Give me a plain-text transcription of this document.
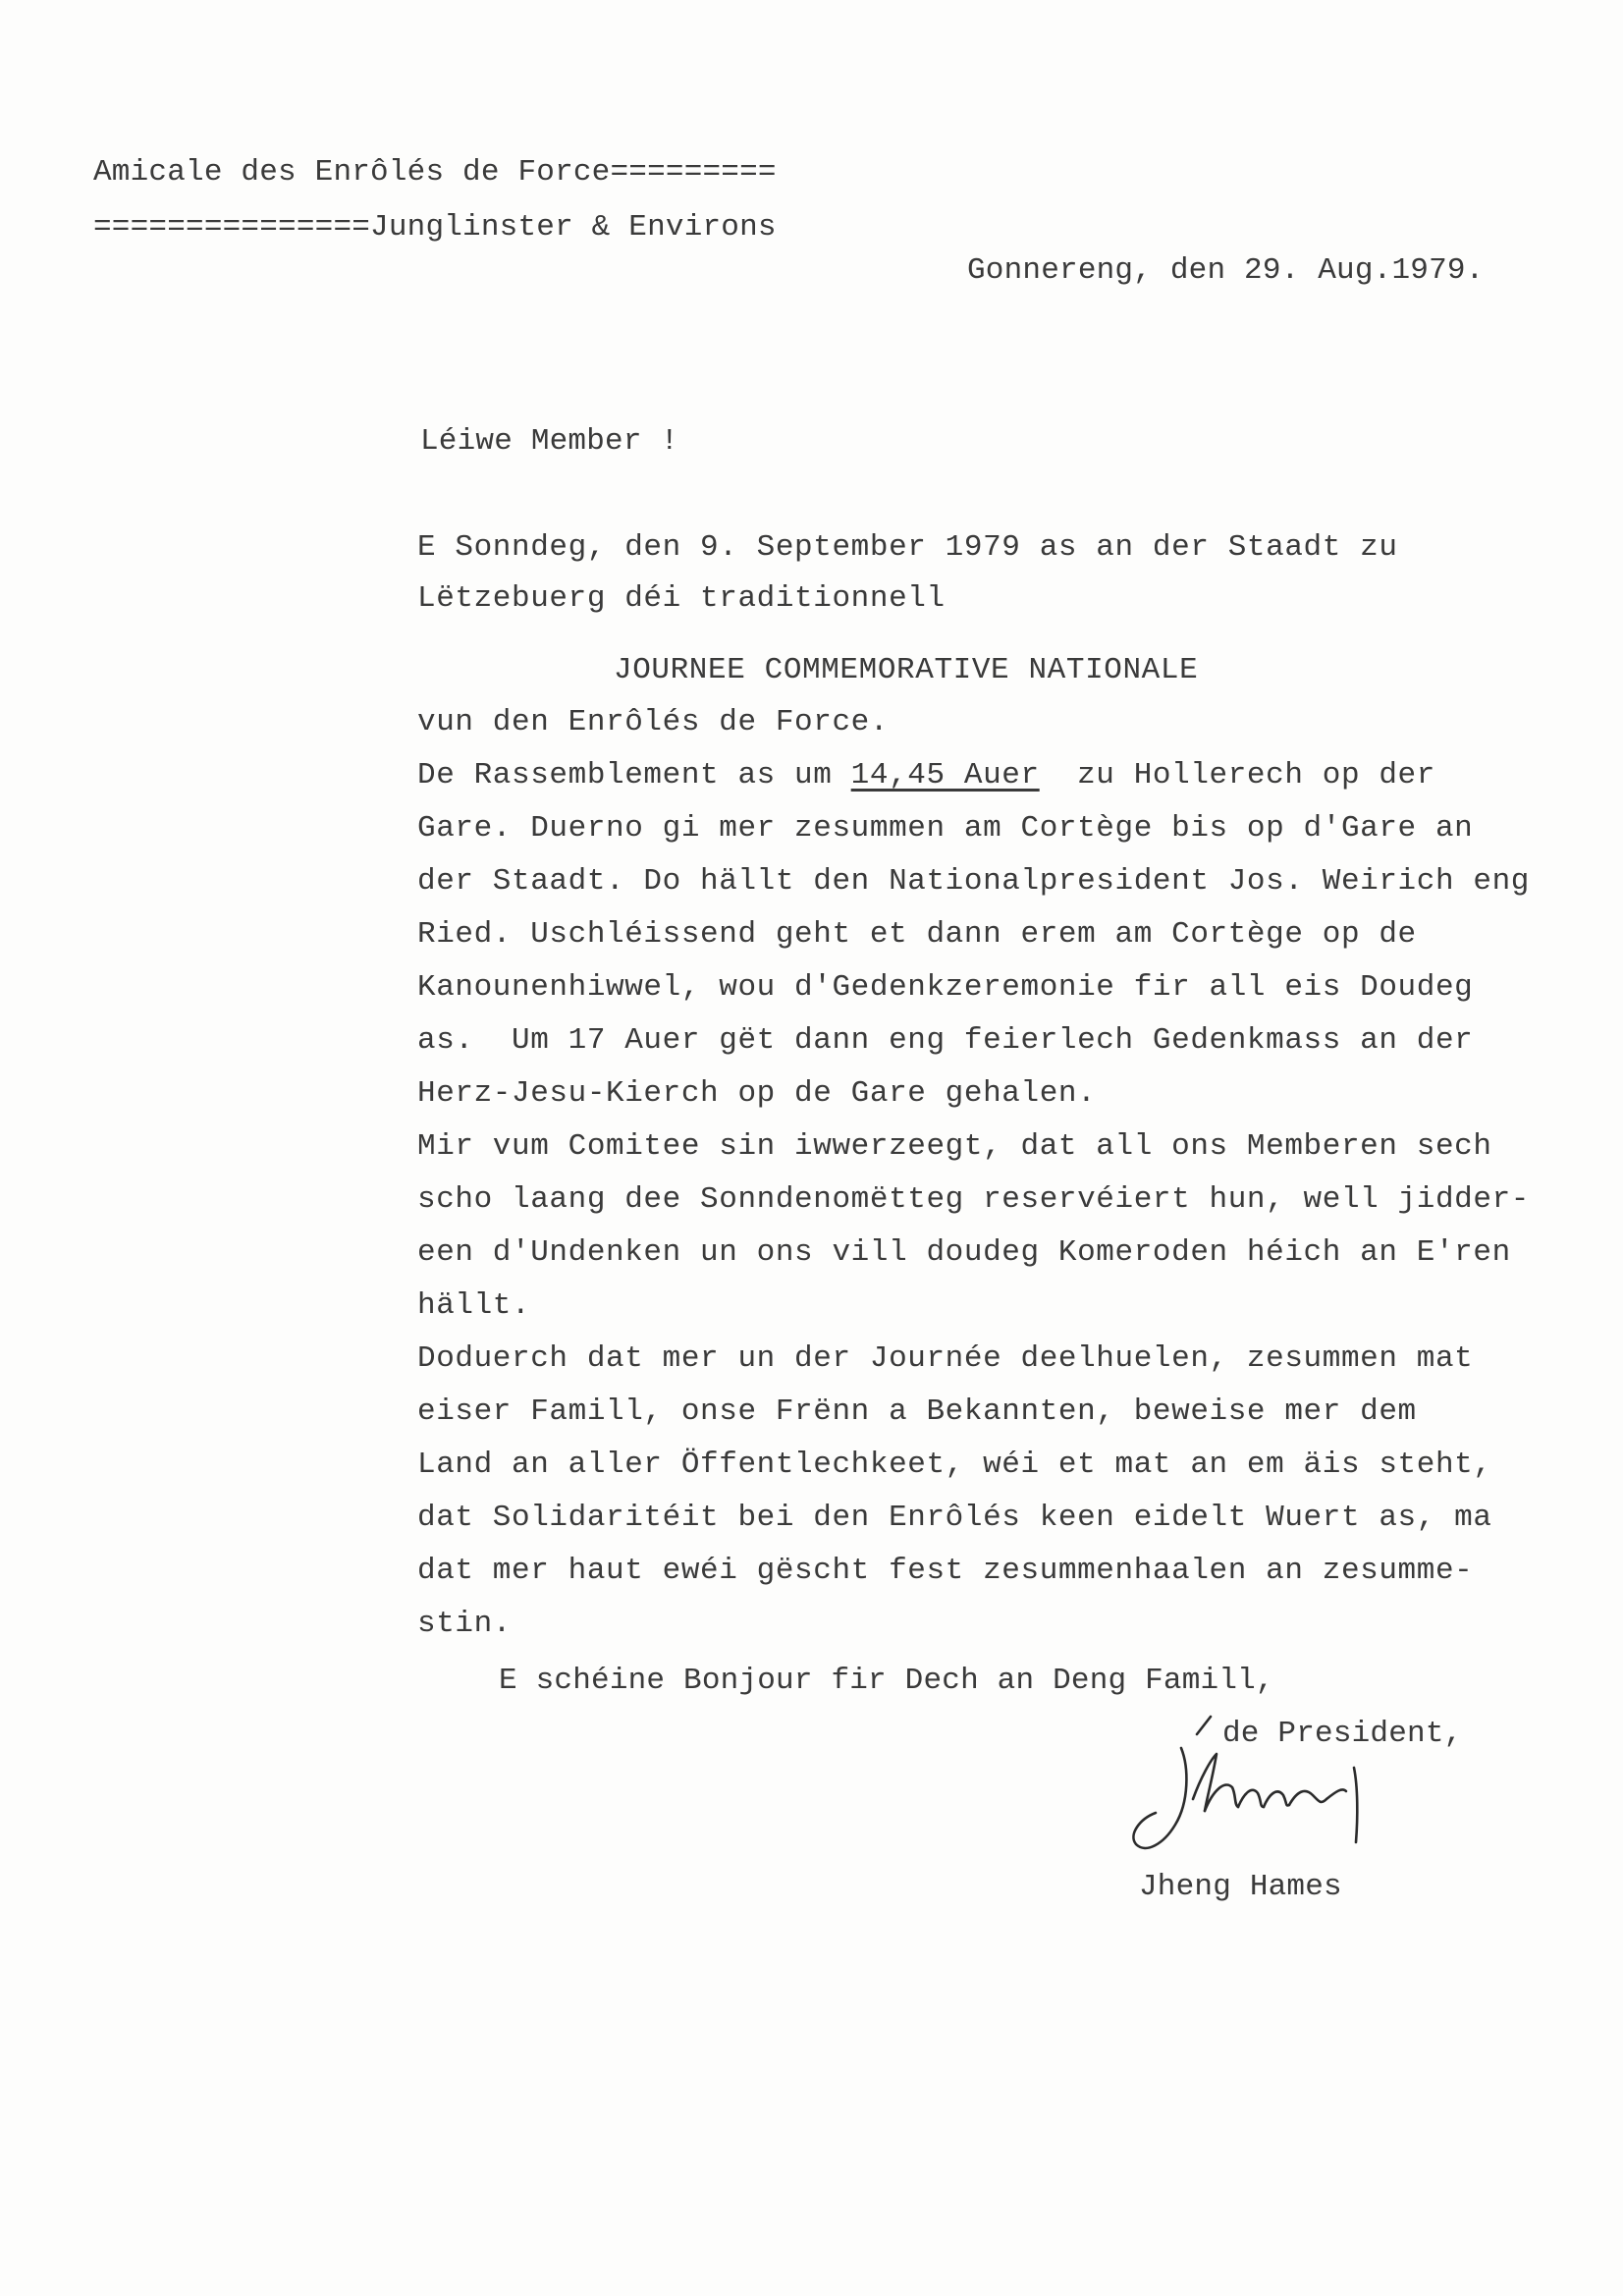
Amicale des Enrôlés de Force=========
===============Junglinster & Environs
Gonnereng, den 29. Aug.1979.
Léiwe Member !
E Sonndeg, den 9. September 1979 as an der Staadt zu
Lëtzebuerg déi traditionnell
JOURNEE COMMEMORATIVE NATIONALE
vun den Enrôlés de Force.
De Rassemblement as um 14,45 Auer  zu Hollerech op der
Gare. Duerno gi mer zesummen am Cortège bis op d'Gare an
der Staadt. Do hällt den Nationalpresident Jos. Weirich eng
Ried. Uschléissend geht et dann erem am Cortège op de
Kanounenhiwwel, wou d'Gedenkzeremonie fir all eis Doudeg
as.  Um 17 Auer gët dann eng feierlech Gedenkmass an der
Herz-Jesu-Kierch op de Gare gehalen.
Mir vum Comitee sin iwwerzeegt, dat all ons Memberen sech
scho laang dee Sonndenomëtteg reservéiert hun, well jidder-
een d'Undenken un ons vill doudeg Komeroden héich an E'ren
hällt.
Doduerch dat mer un der Journée deelhuelen, zesummen mat
eiser Famill, onse Frënn a Bekannten, beweise mer dem
Land an aller Öffentlechkeet, wéi et mat an em äis steht,
dat Solidaritéit bei den Enrôlés keen eidelt Wuert as, ma
dat mer haut ewéi gëscht fest zesummenhaalen an zesumme-
stin.
E schéine Bonjour fir Dech an Deng Famill,
de President,
Jheng Hames
